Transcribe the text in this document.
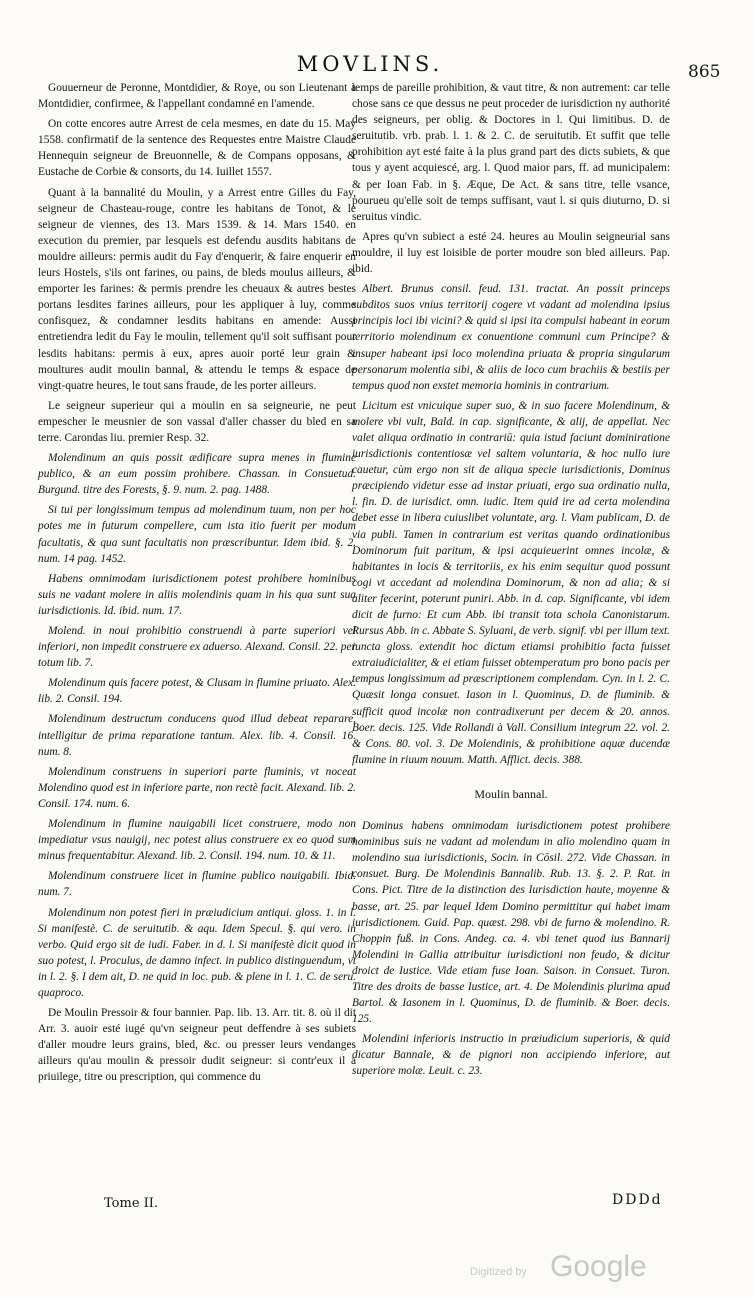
MOVLINS.	865

Gouuerneur de Peronne, Montdidier, & Roye, ou son Lieutenant à Montdidier, confirmee, & l'appellant condamné en l'amende.

On cotte encores autre Arrest de cela mesmes, en date du 15. May 1558. confirmatif de la sentence des Requestes entre Maistre Claude Hennequin seigneur de Breuonnelle, & de Compans opposans, & Eustache de Corbie & consorts, du 14. Iuillet 1557.

Quant à la bannalité du Moulin, y a Arrest entre Gilles du Fay, seigneur de Chasteau-rouge, contre les habitans de Tonot, & le seigneur de viennes, des 13. Mars 1539. & 14. Mars 1540. en execution du premier, par lesquels est defendu ausdits habitans de mouldre ailleurs: permis audit du Fay d'enquerir, & faire enquerir en leurs Hostels, s'ils ont farines, ou pains, de bleds moulus ailleurs, & emporter les farines: & permis prendre les cheuaux & autres bestes portans lesdites farines ailleurs, pour les appliquer à luy, comme confisquez, & condamner lesdits habitans en amende: Aussi entretiendra ledit du Fay le moulin, tellement qu'il soit suffisant pour lesdits habitans: permis à eux, apres auoir porté leur grain & moultures audit moulin bannal, & attendu le temps & espace de vingt-quatre heures, le tout sans fraude, de les porter ailleurs.

Le seigneur superieur qui a moulin en sa seigneurie, ne peut empescher le meusnier de son vassal d'aller chasser du bled en sa terre. Carondas liu. premier Resp. 32.

Molendinum an quis possit ædificare supra menes in flumine publico, & an eum possim prohibere. Chassan. in Consuetud. Burgund. titre des Forests, §. 9. num. 2. pag. 1488.

Si tui per longissimum tempus ad molendinum tuum, non per hoc potes me in futurum compellere, cum ista itio fuerit per modum facultatis, & qua sunt facultatis non præscribuntur. Idem ibid. §. 2. num. 14 pag. 1452.

Habens omnimodam iurisdictionem potest prohibere hominibus suis ne vadant molere in aliis molendinis quam in his qua sunt sua iurisdictionis. Id. ibid. num. 17.

Molend. in noui prohibitio construendi à parte superiori vel inferiori, non impedit construere ex aduerso. Alexand. Consil. 22. per totum lib. 7.

Molendinum quis facere potest, & Clusam in flumine priuato. Alex. lib. 2. Consil. 194.

Molendinum destructum conducens quod illud debeat reparare, intelligitur de prima reparatione tantum. Alex. lib. 4. Consil. 16. num. 8.

Molendinum construens in superiori parte fluminis, vt noceat Molendino quod est in inferiore parte, non rectè facit. Alexand. lib. 2. Consil. 174. num. 6.

Molendinum in flumine nauigabili licet construere, modo non impediatur vsus nauigij, nec potest alius construere ex eo quod sum minus frequentabitur. Alexand. lib. 2. Consil. 194. num. 10. & 11.

Molendinum construere licet in flumine publico nauigabili. Ibid. num. 7.

Molendinum non potest fieri in præiudicium antiqui. gloss. 1. in l. Si manifestè. C. de seruitutib. & aqu. Idem Specul. §. qui vero. in verbo. Quid ergo sit de iudi. Faber. in d. l. Si manifestè dicit quod in suo potest, l. Proculus, de damno infect. in publico distinguendum, vt in l. 2. §. I dem ait, D. ne quid in loc. pub. & plene in l. 1. C. de seru. quaproco.

De Moulin Pressoir & four bannier. Pap. lib. 13. Arr. tit. 8. où il dit Arr. 3. auoir esté iugé qu'vn seigneur peut deffendre à ses subiets d'aller moudre leurs grains, bled, &c. ou presser leurs vendanges ailleurs qu'au moulin & pressoir dudit seigneur: si contr'eux il a priuilege, titre ou prescription, qui commence du

temps de pareille prohibition, & vaut titre, & non autrement: car telle chose sans ce que dessus ne peut proceder de iurisdiction ny authorité des seigneurs, per oblig. & Doctores in l. Qui limitibus. D. de seruitutib. vrb. prab. l. 1. & 2. C. de seruitutib. Et suffit que telle prohibition ayt esté faite à la plus grand part des dicts subiets, & que tous y ayent acquiescé, arg. l. Quod maior pars, ff. ad municipalem: & per Ioan Fab. in §. Æque, De Act. & sans titre, telle vsance, pourueu qu'elle soit de temps suffisant, vaut l. si quis diuturno, D. si seruitus vindic.

Apres qu'vn subiect a esté 24. heures au Moulin seigneurial sans mouldre, il luy est loisible de porter moudre son bled ailleurs. Pap. ibid.

Albert. Brunus consil. feud. 131. tractat. An possit princeps subditos suos vnius territorij cogere vt vadant ad molendina ipsius principis loci ibi vicini? & quid si ipsi ita compulsi habeant in eorum territorio molendinum ex conuentione communi cum Principe? & insuper habeant ipsi loco molendina priuata & propria singularum personarum molentia sibi, & aliis de loco cum brachiis & bestiis per tempus quod non exstet memoria hominis in contrarium.

Licitum est vnicuique super suo, & in suo facere Molendinum, & molere vbi vult, Bald. in cap. significante, & alij, de appellat. Nec valet aliqua ordinatio in contrariū: quia istud faciunt dominiratione iurisdictionis contentiosæ vel saltem voluntaria, & hoc nullo iure cauetur, cùm ergo non sit de aliqua specie iurisdictionis, Dominus præcipiendo videtur esse ad instar priuati, ergo sua ordinatio nulla, l. fin. D. de iurisdict. omn. iudic. Item quid ire ad certa molendina debet esse in libera cuiuslibet voluntate, arg. l. Viam publicam, D. de via publi. Tamen in contrarium est veritas quando ordinationibus Dominorum fuit paritum, & ipsi acquieuerint omnes incolæ, & habitantes in locis & territoriis, ex his enim sequitur quod possunt cogi vt accedant ad molendina Dominorum, & non ad alia; & si aliter fecerint, poterunt puniri. Abb. in d. cap. Significante, vbi idem dicit de furno: Et cum Abb. ibi transit tota schola Canonistarum. Rursus Abb. in c. Abbate S. Syluani, de verb. signif. vbi per illum text. iuncta gloss. extendit hoc dictum etiamsi prohibitio facta fuisset extraiudicialiter, & ei etiam fuisset obtemperatum pro bono pacis per tempus longissimum ad præscriptionem complendam. Cyn. in l. 2. C. Quæsit longa consuet. Iason in l. Quominus, D. de fluminib. & sufficit quod incolæ non contradixerunt per decem & 20. annos. Boer. decis. 125. Vide Rollandi à Vall. Consilium integrum 22. vol. 2. & Cons. 80. vol. 3. De Molendinis, & prohibitione aquæ ducendæ flumine in riuum nouum. Matth. Afflict. decis. 388.

Moulin bannal.

Dominus habens omnimodam iurisdictionem potest prohibere hominibus suis ne vadant ad molendum in alio molendino quam in molendino sua iurisdictionis, Socin. in Cōsil. 272. Vide Chassan. in consuet. Burg. De Molendinis Bannalib. Rub. 13. §. 2. P. Rat. in Cons. Pict. Titre de la distinction des Iurisdiction haute, moyenne & basse, art. 25. par lequel Idem Domino permittitur qui habet imam iurisdictionem. Guid. Pap. quæst. 298. vbi de furno & molendino. R. Choppin fuß. in Cons. Andeg. ca. 4. vbi tenet quod ius Bannarij Molendini in Gallia attribuitur iurisdictioni non feudo, & dicitur droict de Iustice. Vide etiam fuse Ioan. Saison. in Consuet. Turon. Titre des droits de basse Iustice, art. 4. De Molendinis plurima apud Bartol. & Iasonem in l. Quominus, D. de fluminib. & Boer. decis. 125.

Molendini inferioris instructio in præiudicium superioris, & quid dicatur Bannale, & de pignori non accipiendo inferiore, aut superiore molæ. Leuit. c. 23.

Tome II.	DDDd

Digitized by Google
